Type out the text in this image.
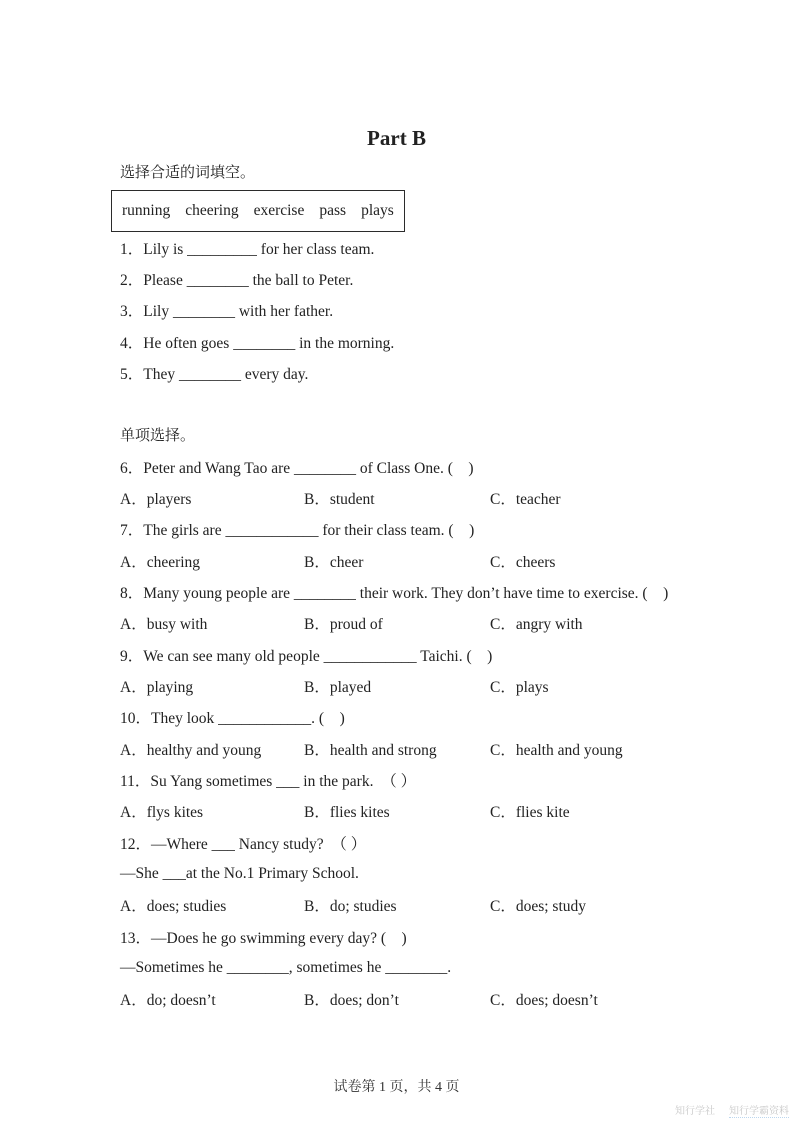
Part B
选择合适的词填空。
running cheering exercise pass plays
1．Lily is _________ for her class team.
2．Please ________ the ball to Peter.
3．Lily ________ with her father.
4．He often goes ________ in the morning.
5．They ________ every day.
单项选择。
6．Peter and Wang Tao are ________ of Class One. (　)
A．players	B．student	C．teacher
7．The girls are ____________ for their class team. (　)
A．cheering	B．cheer	C．cheers
8．Many young people are ________ their work. They don’t have time to exercise. (　)
A．busy with	B．proud of	C．angry with
9．We can see many old people ____________ Taichi. (　)
A．playing	B．played	C．plays
10．They look ____________. (　)
A．healthy and young	B．health and strong	C．health and young
11．Su Yang sometimes ___ in the park.　（ ）
A．flys kites	B．flies kites	C．flies kite
12．—Where ___ Nancy study?　（ ）
—She ___at the No.1 Primary School.
A．does; studies	B．do; studies	C．does; study
13．—Does he go swimming every day? (　)
—Sometimes he ________, sometimes he ________.
A．do; doesn’t	B．does; don’t	C．does; doesn’t
试卷第 1 页，共 4 页
知行学社 知行学霸资料
